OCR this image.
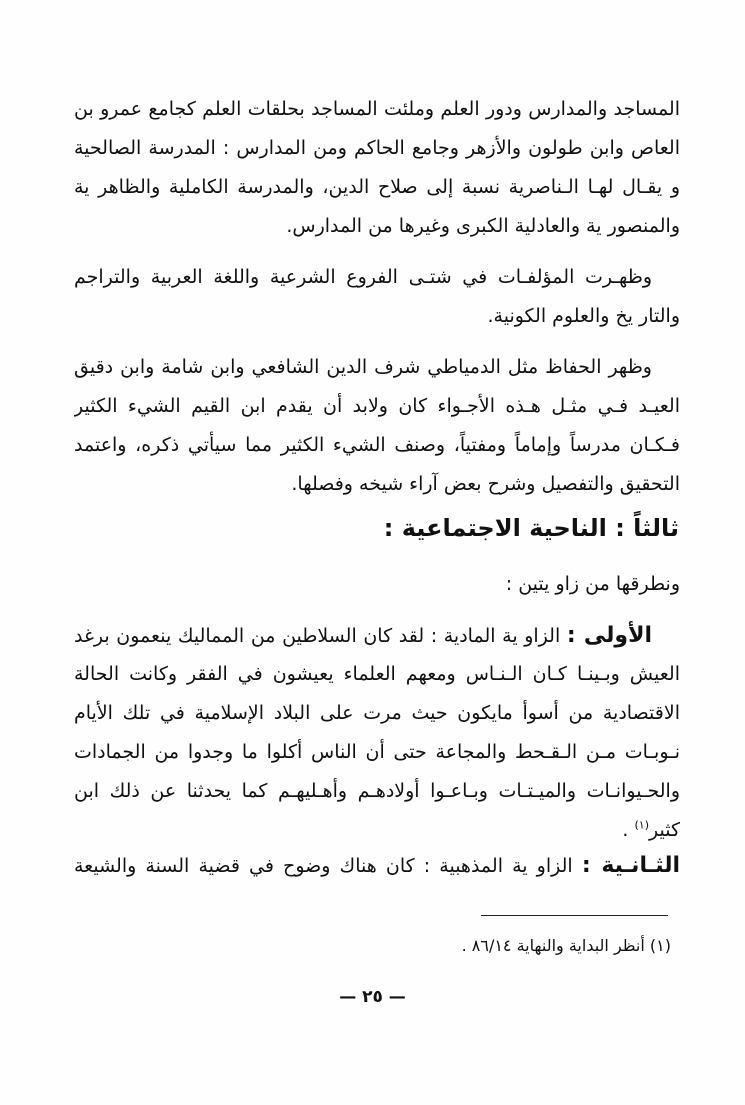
المساجد والمدارس ودور العلم وملئت المساجد بحلقات العلم كجامع عمرو بن
العاص وابن طولون والأزهر وجامع الحاكم ومن المدارس : المدرسة الصالحية
و يقـال لهـا الـناصرية نسبة إلى صلاح الدين، والمدرسة الكاملية والظاهر ية
والمنصور ية والعادلية الكبرى وغيرها من المدارس.
وظهـرت المؤلفـات في شتـى الفروع الشرعية واللغة العربية والتراجم
والتار يخ والعلوم الكونية.
وظهر الحفاظ مثل الدمياطي شرف الدين الشافعي وابن شامة وابن دقيق
العيـد فـي مثـل هـذه الأجـواء كان ولابد أن يقدم ابن القيم الشيء الكثير
فـكـان مدرساً وإماماً ومفتياً، وصنف الشيء الكثير مما سيأتي ذكره، واعتمد
التحقيق والتفصيل وشرح بعض آراء شيخه وفصلها.
ثالثاً : الناحية الاجتماعية :
ونطرقها من زاو يتين :
الأولى : الزاو ية المادية : لقد كان السلاطين من المماليك ينعمون برغد
العيش وبـينـا كـان الـنـاس ومعهم العلماء يعيشون في الفقر وكانت الحالة
الاقتصادية من أسوأ مايكون حيث مرت على البلاد الإسلامية في تلك الأيام
نـوبـات مـن الـقـحط والمجاعة حتى أن الناس أكلوا ما وجدوا من الجمادات
والحـيوانـات والميـتـات وبـاعـوا أولادهـم وأهـليهـم كما يحدثنا عن ذلك ابن
كثير$^{(١)}$ .
الثـانـية : الزاو ية المذهبية : كان هناك وضوح في قضية السنة والشيعة
(١) أنظر البداية والنهاية ٨٦/١٤ .
— ٢٥ —
